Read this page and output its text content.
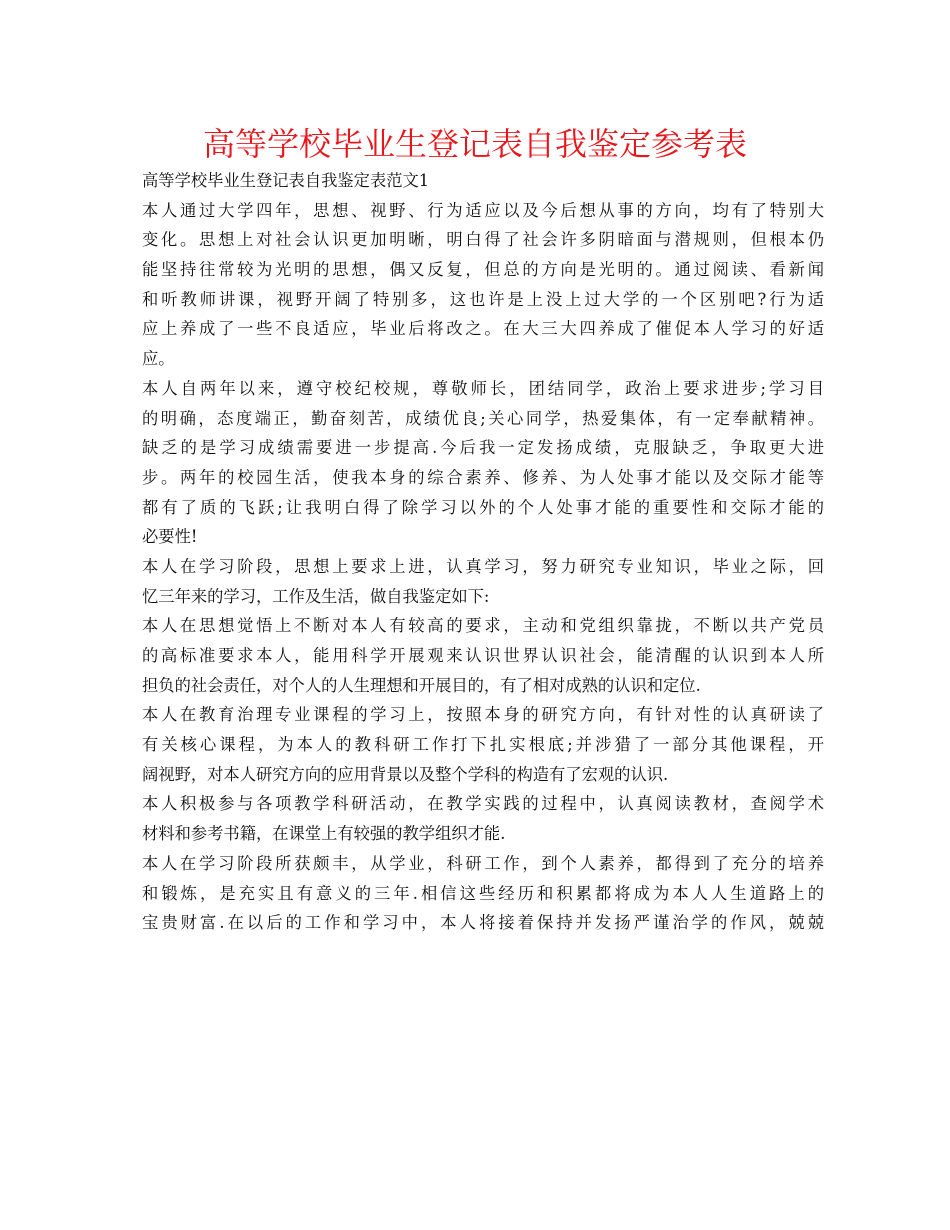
高等学校毕业生登记表自我鉴定参考表
高等学校毕业生登记表自我鉴定表范文1
本人通过大学四年，思想、视野、行为适应以及今后想从事的方向，均有了特别大
变化。思想上对社会认识更加明晰，明白得了社会许多阴暗面与潜规则，但根本仍
能坚持往常较为光明的思想，偶又反复，但总的方向是光明的。通过阅读、看新闻
和听教师讲课，视野开阔了特别多，这也许是上没上过大学的一个区别吧?行为适
应上养成了一些不良适应，毕业后将改之。在大三大四养成了催促本人学习的好适
应。
本人自两年以来，遵守校纪校规，尊敬师长，团结同学，政治上要求进步;学习目
的明确，态度端正，勤奋刻苦，成绩优良;关心同学，热爱集体，有一定奉献精神。
缺乏的是学习成绩需要进一步提高.今后我一定发扬成绩，克服缺乏，争取更大进
步。两年的校园生活，使我本身的综合素养、修养、为人处事才能以及交际才能等
都有了质的飞跃;让我明白得了除学习以外的个人处事才能的重要性和交际才能的
必要性!
本人在学习阶段，思想上要求上进，认真学习，努力研究专业知识，毕业之际，回
忆三年来的学习，工作及生活，做自我鉴定如下:
本人在思想觉悟上不断对本人有较高的要求，主动和党组织靠拢，不断以共产党员
的高标准要求本人，能用科学开展观来认识世界认识社会，能清醒的认识到本人所
担负的社会责任，对个人的人生理想和开展目的，有了相对成熟的认识和定位.
本人在教育治理专业课程的学习上，按照本身的研究方向，有针对性的认真研读了
有关核心课程，为本人的教科研工作打下扎实根底;并涉猎了一部分其他课程，开
阔视野，对本人研究方向的应用背景以及整个学科的构造有了宏观的认识.
本人积极参与各项教学科研活动，在教学实践的过程中，认真阅读教材，查阅学术
材料和参考书籍，在课堂上有较强的教学组织才能.
本人在学习阶段所获颇丰，从学业，科研工作，到个人素养，都得到了充分的培养
和锻炼，是充实且有意义的三年.相信这些经历和积累都将成为本人人生道路上的
宝贵财富.在以后的工作和学习中，本人将接着保持并发扬严谨治学的作风，兢兢
